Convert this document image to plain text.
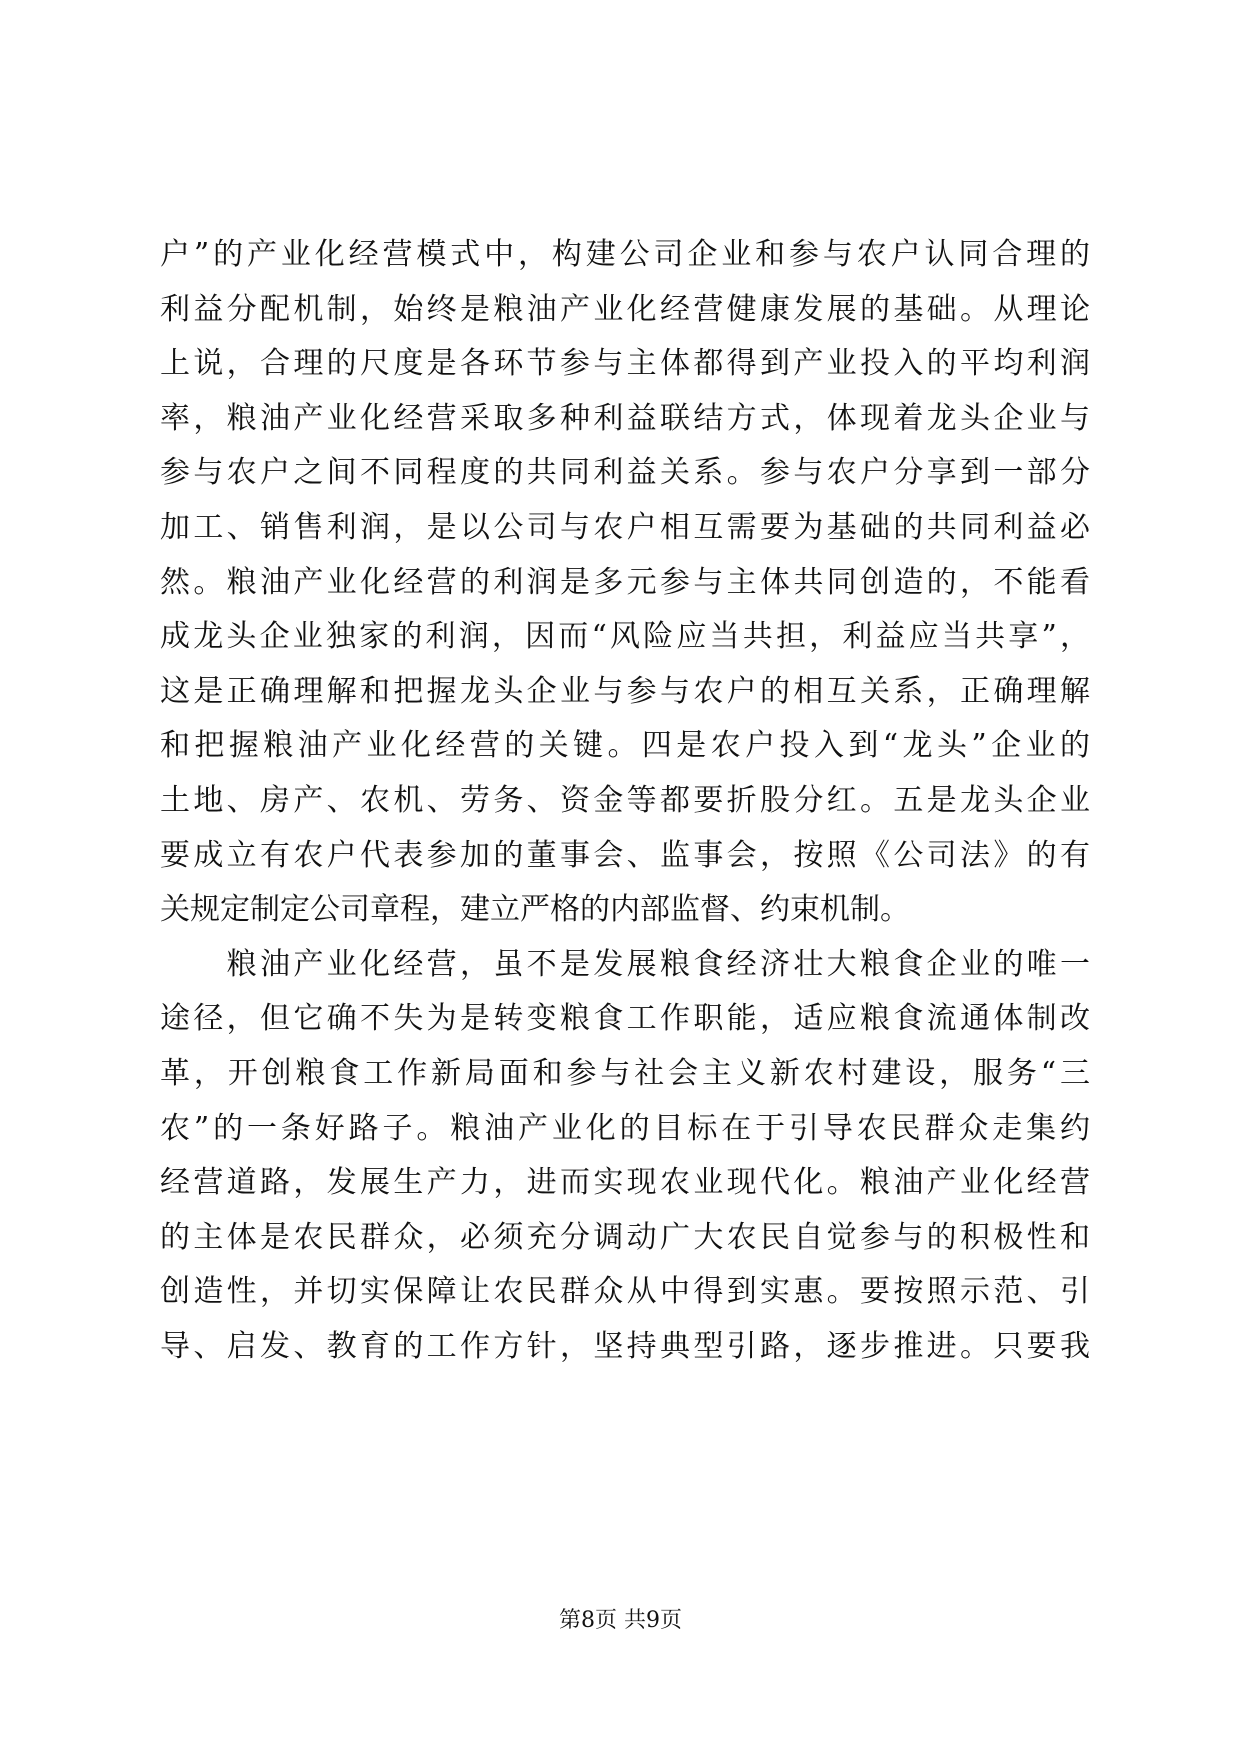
户”的产业化经营模式中，构建公司企业和参与农户认同合理的
利益分配机制，始终是粮油产业化经营健康发展的基础。从理论
上说，合理的尺度是各环节参与主体都得到产业投入的平均利润
率，粮油产业化经营采取多种利益联结方式，体现着龙头企业与
参与农户之间不同程度的共同利益关系。参与农户分享到一部分
加工、销售利润，是以公司与农户相互需要为基础的共同利益必
然。粮油产业化经营的利润是多元参与主体共同创造的，不能看
成龙头企业独家的利润，因而“风险应当共担，利益应当共享”，
这是正确理解和把握龙头企业与参与农户的相互关系，正确理解
和把握粮油产业化经营的关键。四是农户投入到“龙头”企业的
土地、房产、农机、劳务、资金等都要折股分红。五是龙头企业
要成立有农户代表参加的董事会、监事会，按照《公司法》的有
关规定制定公司章程，建立严格的内部监督、约束机制。
　　粮油产业化经营，虽不是发展粮食经济壮大粮食企业的唯一
途径，但它确不失为是转变粮食工作职能，适应粮食流通体制改
革，开创粮食工作新局面和参与社会主义新农村建设，服务“三
农”的一条好路子。粮油产业化的目标在于引导农民群众走集约
经营道路，发展生产力，进而实现农业现代化。粮油产业化经营
的主体是农民群众，必须充分调动广大农民自觉参与的积极性和
创造性，并切实保障让农民群众从中得到实惠。要按照示范、引
导、启发、教育的工作方针，坚持典型引路，逐步推进。只要我
第8页 共9页
